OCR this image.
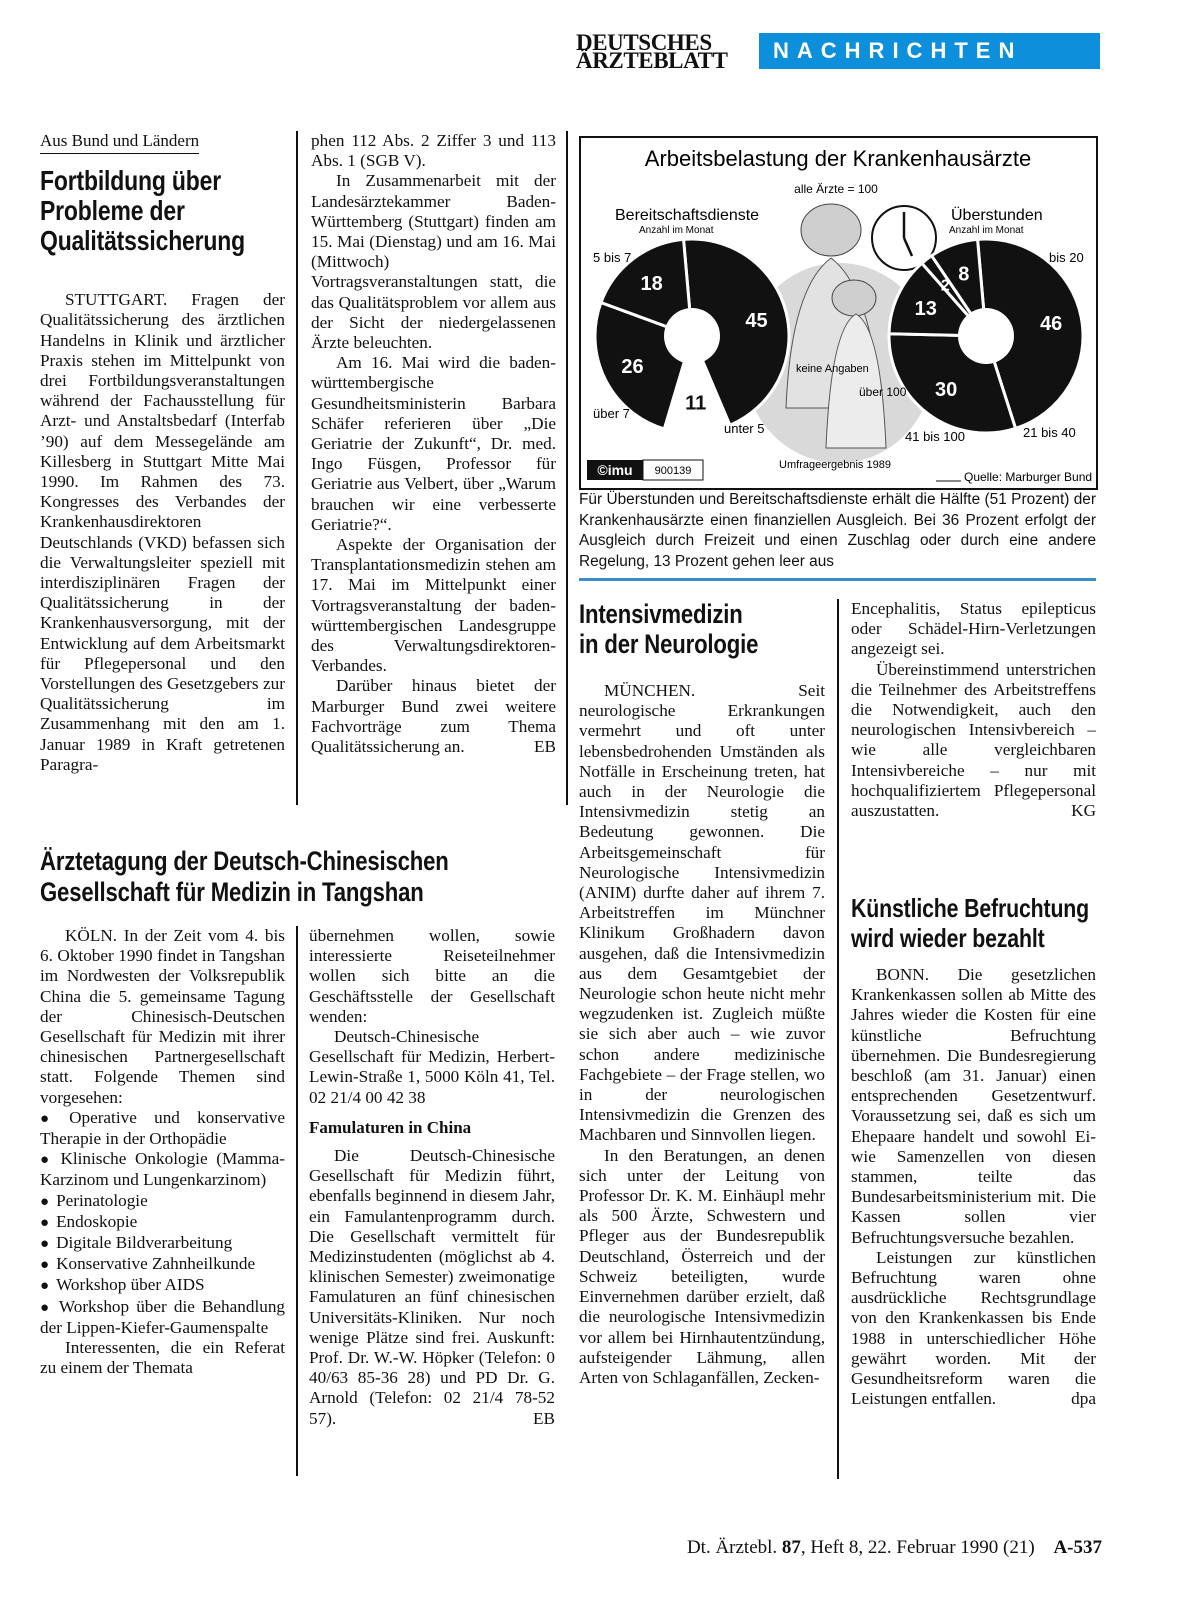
DEUTSCHES
ÄRZTEBLATT	NACHRICHTEN
Aus Bund und Ländern
Fortbildung über
Probleme der
Qualitätssicherung

STUTTGART. Fragen der Qualitätssicherung des ärztlichen Handelns in Klinik und ärztlicher Praxis stehen im Mittelpunkt von drei Fortbildungsveranstaltungen während der Fachausstellung für Arzt- und Anstaltsbedarf (Interfab ’90) auf dem Messegelände am Killesberg in Stuttgart Mitte Mai 1990. Im Rahmen des 73. Kongresses des Verbandes der Krankenhausdirektoren Deutschlands (VKD) befassen sich die Verwaltungsleiter speziell mit interdisziplinären Fragen der Qualitätssicherung in der Krankenhausversorgung, mit der Entwicklung auf dem Arbeitsmarkt für Pflegepersonal und den Vorstellungen des Gesetzgebers zur Qualitätssicherung im Zusammenhang mit den am 1. Januar 1989 in Kraft getretenen Paragra-

phen 112 Abs. 2 Ziffer 3 und 113 Abs. 1 (SGB V).

In Zusammenarbeit mit der Landesärztekammer Baden-Württemberg (Stuttgart) finden am 15. Mai (Dienstag) und am 16. Mai (Mittwoch) Vortragsveranstaltungen statt, die das Qualitätsproblem vor allem aus der Sicht der niedergelassenen Ärzte beleuchten.

Am 16. Mai wird die baden-württembergische Gesundheitsministerin Barbara Schäfer referieren über „Die Geriatrie der Zukunft“, Dr. med. Ingo Füsgen, Professor für Geriatrie aus Velbert, über „Warum brauchen wir eine verbesserte Geriatrie?“.

Aspekte der Organisation der Transplantationsmedizin stehen am 17. Mai im Mittelpunkt einer Vortragsveranstaltung der baden-württembergischen Landesgruppe des Verwaltungsdirektoren-Verbandes.

Darüber hinaus bietet der Marburger Bund zwei weitere Fachvorträge zum Thema Qualitätssicherung an.	EB

Arbeitsbelastung der Krankenhausärzte
alle Ärzte = 100
Bereitschaftsdienste
Anzahl im Monat
Überstunden
Anzahl im Monat
45
11
26
18
46
30
13
2
8
5 bis 7
über 7
unter 5
keine Angaben
bis 20
21 bis 40
41 bis 100
über 100
Umfrageergebnis 1989
©imu 900139	Quelle: Marburger Bund
Für Überstunden und Bereitschaftsdienste erhält die Hälfte (51 Prozent) der Krankenhausärzte einen finanziellen Ausgleich. Bei 36 Prozent erfolgt der Ausgleich durch Freizeit und einen Zuschlag oder durch eine andere Regelung, 13 Prozent gehen leer aus
Intensivmedizin
in der Neurologie

MÜNCHEN. Seit neurologische Erkrankungen vermehrt und oft unter lebensbedrohenden Umständen als Notfälle in Erscheinung treten, hat auch in der Neurologie die Intensivmedizin stetig an Bedeutung gewonnen. Die Arbeitsgemeinschaft für Neurologische Intensivmedizin (ANIM) durfte daher auf ihrem 7. Arbeitstreffen im Münchner Klinikum Großhadern davon ausgehen, daß die Intensivmedizin aus dem Gesamtgebiet der Neurologie schon heute nicht mehr wegzudenken ist. Zugleich müßte sie sich aber auch – wie zuvor schon andere medizinische Fachgebiete – der Frage stellen, wo in der neurologischen Intensivmedizin die Grenzen des Machbaren und Sinnvollen liegen.

In den Beratungen, an denen sich unter der Leitung von Professor Dr. K. M. Einhäupl mehr als 500 Ärzte, Schwestern und Pfleger aus der Bundesrepublik Deutschland, Österreich und der Schweiz beteiligten, wurde Einvernehmen darüber erzielt, daß die neurologische Intensivmedizin vor allem bei Hirnhautentzündung, aufsteigender Lähmung, allen Arten von Schlaganfällen, Zecken-

Encephalitis, Status epilepticus oder Schädel-Hirn-Verletzungen angezeigt sei.

Übereinstimmend unterstrichen die Teilnehmer des Arbeitstreffens die Notwendigkeit, auch den neurologischen Intensivbereich – wie alle vergleichbaren Intensivbereiche – nur mit hochqualifiziertem Pflegepersonal auszustatten.	KG

Künstliche Befruchtung
wird wieder bezahlt

BONN. Die gesetzlichen Krankenkassen sollen ab Mitte des Jahres wieder die Kosten für eine künstliche Befruchtung übernehmen. Die Bundesregierung beschloß (am 31. Januar) einen entsprechenden Gesetzentwurf. Voraussetzung sei, daß es sich um Ehepaare handelt und sowohl Ei- wie Samenzellen von diesen stammen, teilte das Bundesarbeitsministerium mit. Die Kassen sollen vier Befruchtungsversuche bezahlen.

Leistungen zur künstlichen Befruchtung waren ohne ausdrückliche Rechtsgrundlage von den Krankenkassen bis Ende 1988 in unterschiedlicher Höhe gewährt worden. Mit der Gesundheitsreform waren die Leistungen entfallen.	dpa

Ärztetagung der Deutsch-Chinesischen
Gesellschaft für Medizin in Tangshan

KÖLN. In der Zeit vom 4. bis 6. Oktober 1990 findet in Tangshan im Nordwesten der Volksrepublik China die 5. gemeinsame Tagung der Chinesisch-Deutschen Gesellschaft für Medizin mit ihrer chinesischen Partnergesellschaft statt. Folgende Themen sind vorgesehen:

● Operative und konservative Therapie in der Orthopädie

● Klinische Onkologie (Mamma-Karzinom und Lungenkarzinom)

● Perinatologie

● Endoskopie

● Digitale Bildverarbeitung

● Konservative Zahnheilkunde

● Workshop über AIDS

● Workshop über die Behandlung der Lippen-Kiefer-Gaumenspalte

Interessenten, die ein Referat zu einem der Themata

übernehmen wollen, sowie interessierte Reiseteilnehmer wollen sich bitte an die Geschäftsstelle der Gesellschaft wenden:

Deutsch-Chinesische Gesellschaft für Medizin, Herbert-Lewin-Straße 1, 5000 Köln 41, Tel. 02 21/4 00 42 38

Famulaturen in China

Die Deutsch-Chinesische Gesellschaft für Medizin führt, ebenfalls beginnend in diesem Jahr, ein Famulantenprogramm durch. Die Gesellschaft vermittelt für Medizinstudenten (möglichst ab 4. klinischen Semester) zweimonatige Famulaturen an fünf chinesischen Universitäts-Kliniken. Nur noch wenige Plätze sind frei. Auskunft: Prof. Dr. W.-W. Höpker (Telefon: 0 40/63 85-36 28) und PD Dr. G. Arnold (Telefon: 02 21/4 78-52 57).	EB

Dt. Ärztebl. 87, Heft 8, 22. Februar 1990 (21) A-537
